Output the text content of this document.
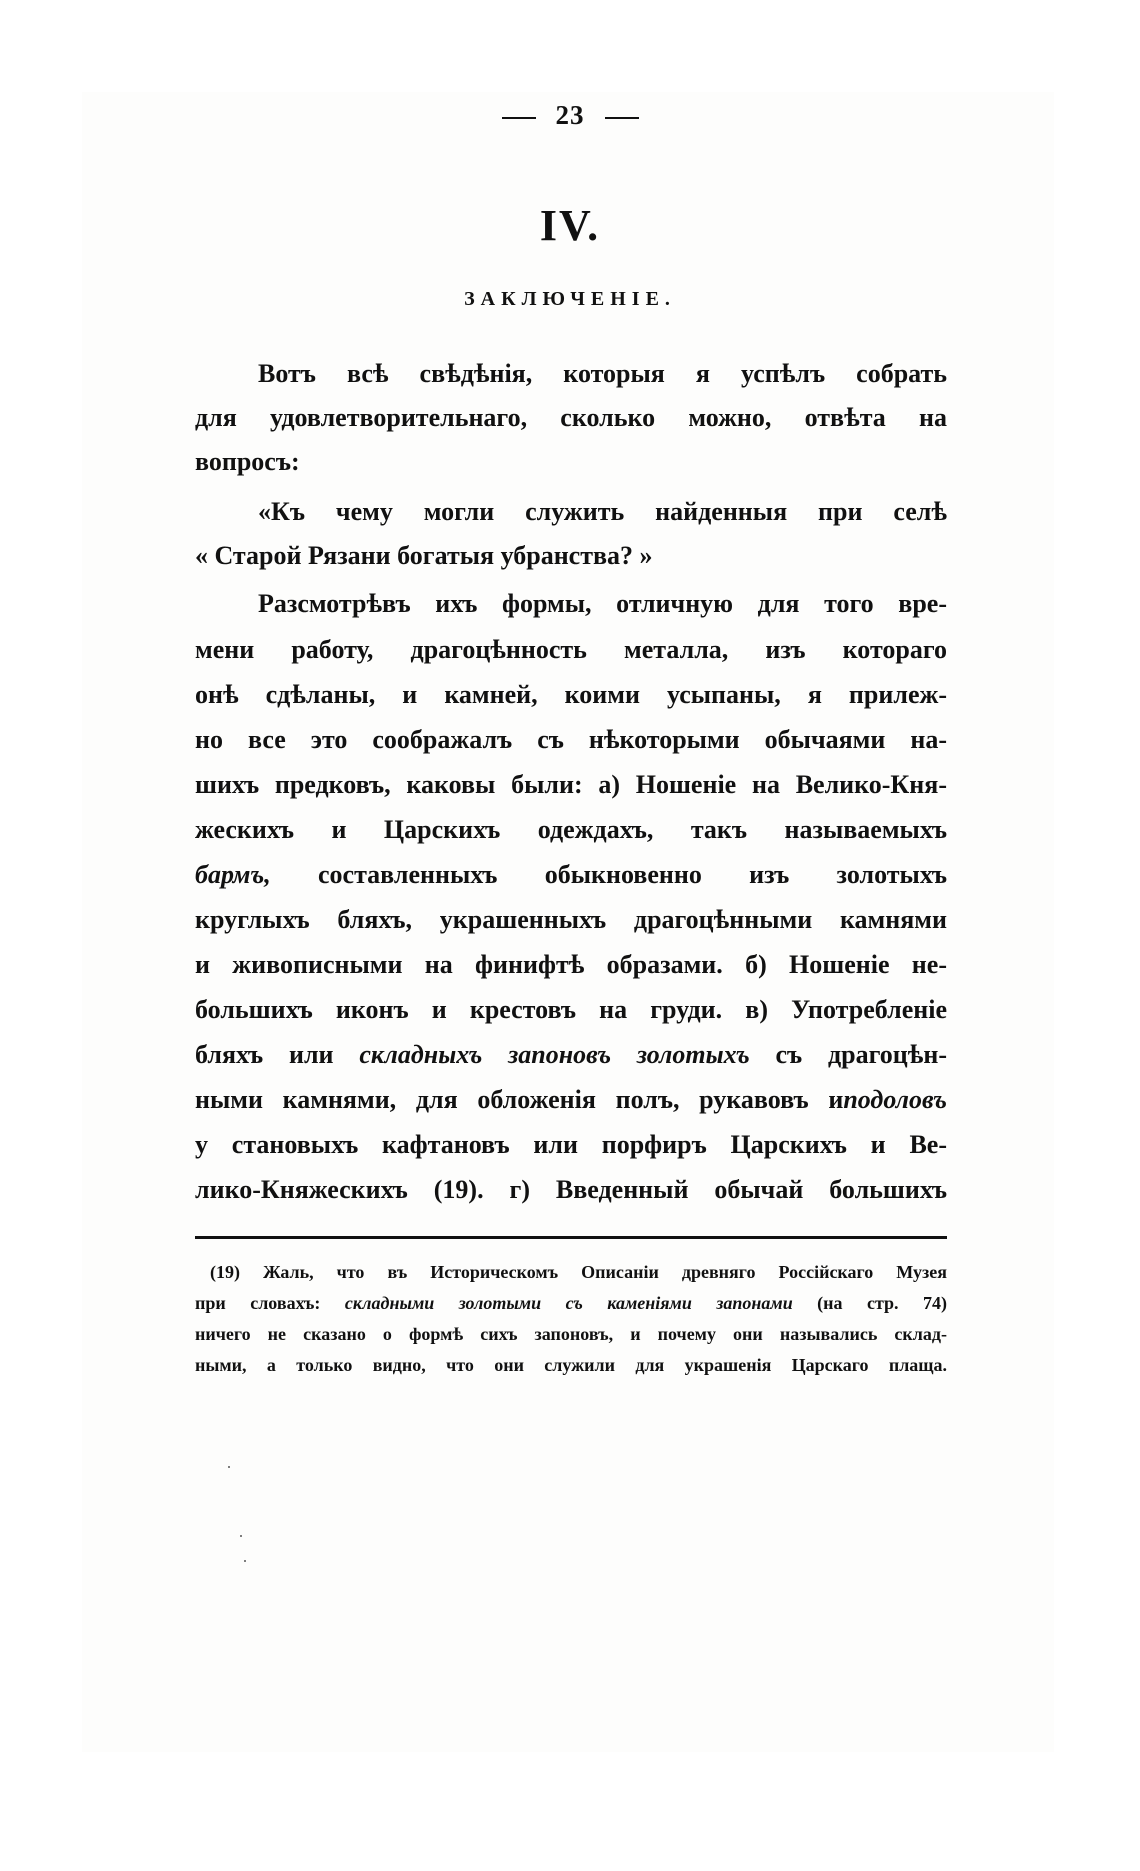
23
IV.
ЗАКЛЮЧЕНІЕ.
Вотъ всѣ свѣдѣнія, которыя я успѣлъ собрать
для удовлетворительнаго, сколько можно, отвѣта на
вопросъ:
«Къ чему могли служить найденныя при селѣ
« Старой Рязани богатыя убранства? »
Разсмотрѣвъ ихъ формы, отличную для того вре-
мени работу, драгоцѣнность металла, изъ котораго
онѣ сдѣланы, и камней, коими усыпаны, я прилеж-
но все это соображалъ съ нѣкоторыми обычаями на-
шихъ предковъ, каковы были: а) Ношеніе на Велико-Кня-
жескихъ и Царскихъ одеждахъ, такъ называемыхъ
бармъ, составленныхъ обыкновенно изъ золотыхъ
круглыхъ бляхъ, украшенныхъ драгоцѣнными камнями
и живописными на финифтѣ образами. б) Ношеніе не-
большихъ иконъ и крестовъ на груди. в) Употребленіе
бляхъ или складныхъ запоновъ золотыхъ съ драгоцѣн-
ными камнями, для обложенія полъ, рукавовъ иподоловъ
у становыхъ кафтановъ или порфиръ Царскихъ и Ве-
лико-Княжескихъ (19). г) Введенный обычай большихъ
(19) Жаль, что въ Историческомъ Описаніи древняго Россійскаго Музея
при словахъ: складными золотыми съ каменіями запонами (на стр. 74)
ничего не сказано о формѣ сихъ запоновъ, и почему они назывались склад-
ными, а только видно, что они служили для украшенія Царскаго плаща.
